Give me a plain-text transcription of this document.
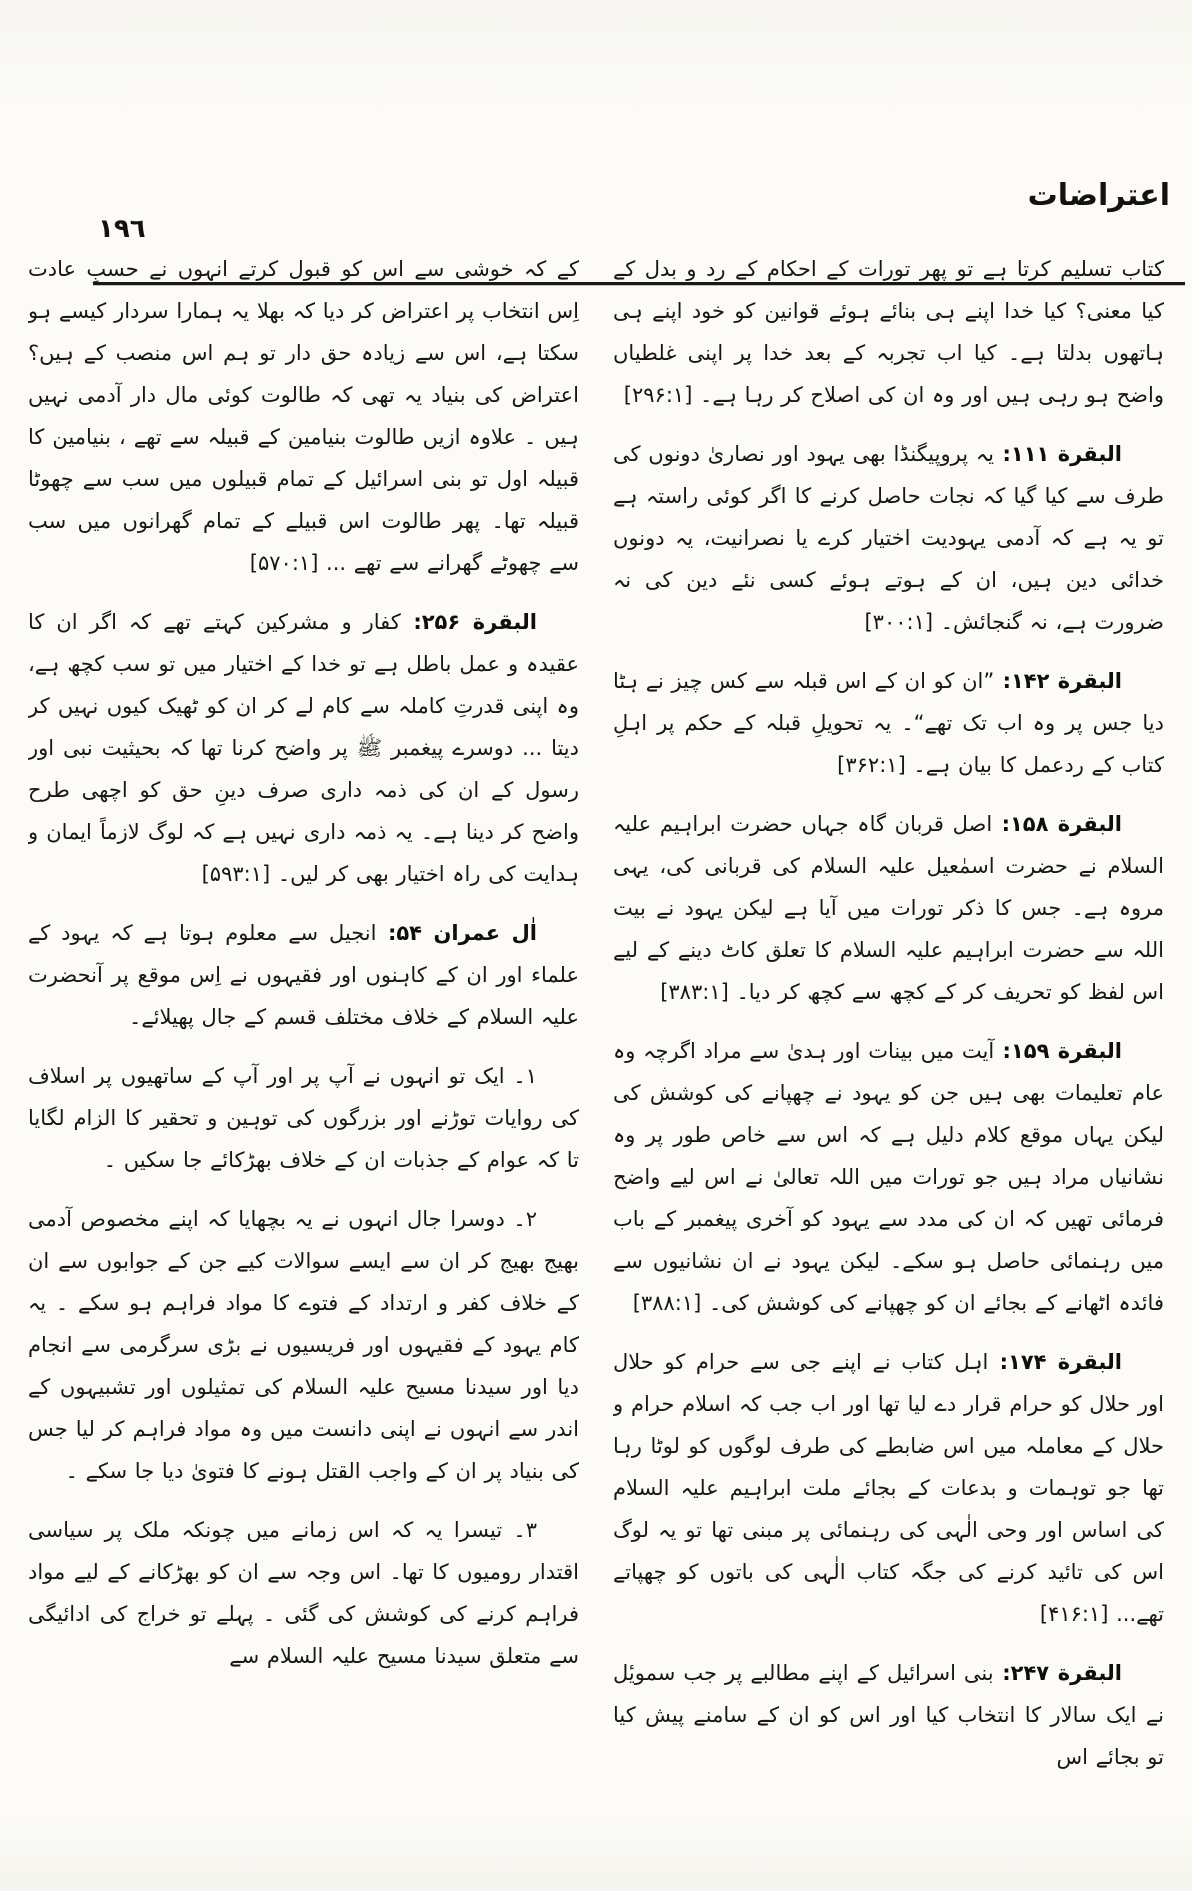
اعتراضات
١٩٦

کتاب تسلیم کرتا ہے تو پھر تورات کے احکام کے رد و بدل کے کیا معنی؟ کیا خدا اپنے ہی بنائے ہوئے قوانین کو خود اپنے ہی ہاتھوں بدلتا ہے۔ کیا اب تجربہ کے بعد خدا پر اپنی غلطیاں واضح ہو رہی ہیں اور وہ ان کی اصلاح کر رہا ہے۔ [۲۹۶:۱]

البقرة ۱۱۱: یہ پروپیگنڈا بھی یہود اور نصاریٰ دونوں کی طرف سے کیا گیا کہ نجات حاصل کرنے کا اگر کوئی راستہ ہے تو یہ ہے کہ آدمی یہودیت اختیار کرے یا نصرانیت، یہ دونوں خدائی دین ہیں، ان کے ہوتے ہوئے کسی نئے دین کی نہ ضرورت ہے، نہ گنجائش۔ [۳۰۰:۱]

البقرة ۱۴۲: ”ان کو ان کے اس قبلہ سے کس چیز نے ہٹا دیا جس پر وہ اب تک تھے“۔ یہ تحویلِ قبلہ کے حکم پر اہلِ کتاب کے ردعمل کا بیان ہے۔ [۳۶۲:۱]

البقرة ۱۵۸: اصل قربان گاہ جہاں حضرت ابراہیم علیہ السلام نے حضرت اسمٰعیل علیہ السلام کی قربانی کی، یہی مروہ ہے۔ جس کا ذکر تورات میں آیا ہے لیکن یہود نے بیت اللہ سے حضرت ابراہیم علیہ السلام کا تعلق کاٹ دینے کے لیے اس لفظ کو تحریف کر کے کچھ سے کچھ کر دیا۔ [۳۸۳:۱]

البقرة ۱۵۹: آیت میں بینات اور ہدیٰ سے مراد اگرچہ وہ عام تعلیمات بھی ہیں جن کو یہود نے چھپانے کی کوشش کی لیکن یہاں موقع کلام دلیل ہے کہ اس سے خاص طور پر وہ نشانیاں مراد ہیں جو تورات میں اللہ تعالیٰ نے اس لیے واضح فرمائی تھیں کہ ان کی مدد سے یہود کو آخری پیغمبر کے باب میں رہنمائی حاصل ہو سکے۔ لیکن یہود نے ان نشانیوں سے فائدہ اٹھانے کے بجائے ان کو چھپانے کی کوشش کی۔ [۳۸۸:۱]

البقرة ۱۷۴: اہل کتاب نے اپنے جی سے حرام کو حلال اور حلال کو حرام قرار دے لیا تھا اور اب جب کہ اسلام حرام و حلال کے معاملہ میں اس ضابطے کی طرف لوگوں کو لوٹا رہا تھا جو توہمات و بدعات کے بجائے ملت ابراہیم علیہ السلام کی اساس اور وحی الٰہی کی رہنمائی پر مبنی تھا تو یہ لوگ اس کی تائید کرنے کی جگہ کتاب الٰہی کی باتوں کو چھپاتے تھے... [۴۱۶:۱]

البقرة ۲۴۷: بنی اسرائیل کے اپنے مطالبے پر جب سمویٔل نے ایک سالار کا انتخاب کیا اور اس کو ان کے سامنے پیش کیا تو بجائے اس

کے کہ خوشی سے اس کو قبول کرتے انہوں نے حسبِ عادت اِس انتخاب پر اعتراض کر دیا کہ بھلا یہ ہمارا سردار کیسے ہو سکتا ہے، اس سے زیادہ حق دار تو ہم اس منصب کے ہیں؟ اعتراض کی بنیاد یہ تھی کہ طالوت کوئی مال دار آدمی نہیں ہیں ۔ علاوہ ازیں طالوت بنیامین کے قبیلہ سے تھے ، بنیامین کا قبیلہ اول تو بنی اسرائیل کے تمام قبیلوں میں سب سے چھوٹا قبیلہ تھا۔ پھر طالوت اس قبیلے کے تمام گھرانوں میں سب سے چھوٹے گھرانے سے تھے ... [۵۷۰:۱]

البقرة ۲۵۶: کفار و مشرکین کہتے تھے کہ اگر ان کا عقیدہ و عمل باطل ہے تو خدا کے اختیار میں تو سب کچھ ہے، وہ اپنی قدرتِ کاملہ سے کام لے کر ان کو ٹھیک کیوں نہیں کر دیتا ... دوسرے پیغمبر ﷺ پر واضح کرنا تھا کہ بحیثیت نبی اور رسول کے ان کی ذمہ داری صرف دینِ حق کو اچھی طرح واضح کر دینا ہے۔ یہ ذمہ داری نہیں ہے کہ لوگ لازماً ایمان و ہدایت کی راہ اختیار بھی کر لیں۔ [۵۹۳:۱]

اٰل عمران ۵۴: انجیل سے معلوم ہوتا ہے کہ یہود کے علماء اور ان کے کاہنوں اور فقیہوں نے اِس موقع پر آنحضرت علیہ السلام کے خلاف مختلف قسم کے جال پھیلائے۔

۱۔ ایک تو انہوں نے آپ پر اور آپ کے ساتھیوں پر اسلاف کی روایات توڑنے اور بزرگوں کی توہین و تحقیر کا الزام لگایا تا کہ عوام کے جذبات ان کے خلاف بھڑکائے جا سکیں ۔

۲۔ دوسرا جال انہوں نے یہ بچھایا کہ اپنے مخصوص آدمی بھیج بھیج کر ان سے ایسے سوالات کیے جن کے جوابوں سے ان کے خلاف کفر و ارتداد کے فتوے کا مواد فراہم ہو سکے ۔ یہ کام یہود کے فقیہوں اور فریسیوں نے بڑی سرگرمی سے انجام دیا اور سیدنا مسیح علیہ السلام کی تمثیلوں اور تشبیہوں کے اندر سے انہوں نے اپنی دانست میں وہ مواد فراہم کر لیا جس کی بنیاد پر ان کے واجب القتل ہونے کا فتویٰ دیا جا سکے ۔

۳۔ تیسرا یہ کہ اس زمانے میں چونکہ ملک پر سیاسی اقتدار رومیوں کا تھا۔ اس وجہ سے ان کو بھڑکانے کے لیے مواد فراہم کرنے کی کوشش کی گئی ۔ پہلے تو خراج کی ادائیگی سے متعلق سیدنا مسیح علیہ السلام سے
